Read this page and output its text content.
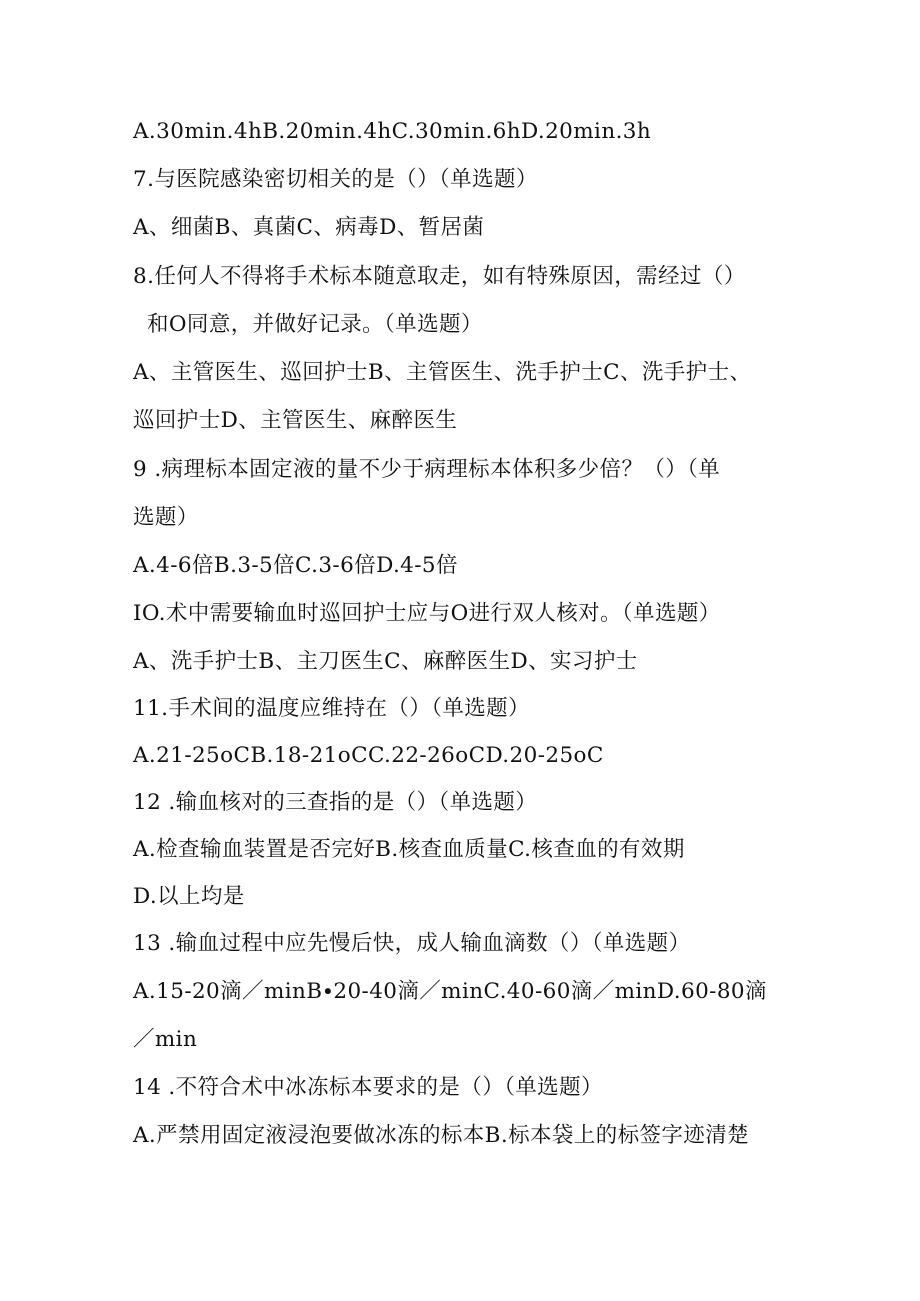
A.30min.4hB.20min.4hC.30min.6hD.20min.3h
7.与医院感染密切相关的是（）（单选题）
A、细菌B、真菌C、病毒D、暂居菌
8.任何人不得将手术标本随意取走，如有特殊原因，需经过（）
和O同意，并做好记录。（单选题）
A、主管医生、巡回护士B、主管医生、洗手护士C、洗手护士、
巡回护士D、主管医生、麻醉医生
9 .病理标本固定液的量不少于病理标本体积多少倍？（）（单
选题）
A.4-6倍B.3-5倍C.3-6倍D.4-5倍
IO.术中需要输血时巡回护士应与O进行双人核对。（单选题）
A、洗手护士B、主刀医生C、麻醉医生D、实习护士
11.手术间的温度应维持在（）（单选题）
A.21-25oCB.18-21oCC.22-26oCD.20-25oC
12 .输血核对的三查指的是（）（单选题）
A.检查输血装置是否完好B.核查血质量C.核查血的有效期
D.以上均是
13 .输血过程中应先慢后快，成人输血滴数（）（单选题）
A.15-20滴／minB∙20-40滴／minC.40-60滴／minD.60-80滴
／min
14 .不符合术中冰冻标本要求的是（）（单选题）
A.严禁用固定液浸泡要做冰冻的标本B.标本袋上的标签字迹清楚
